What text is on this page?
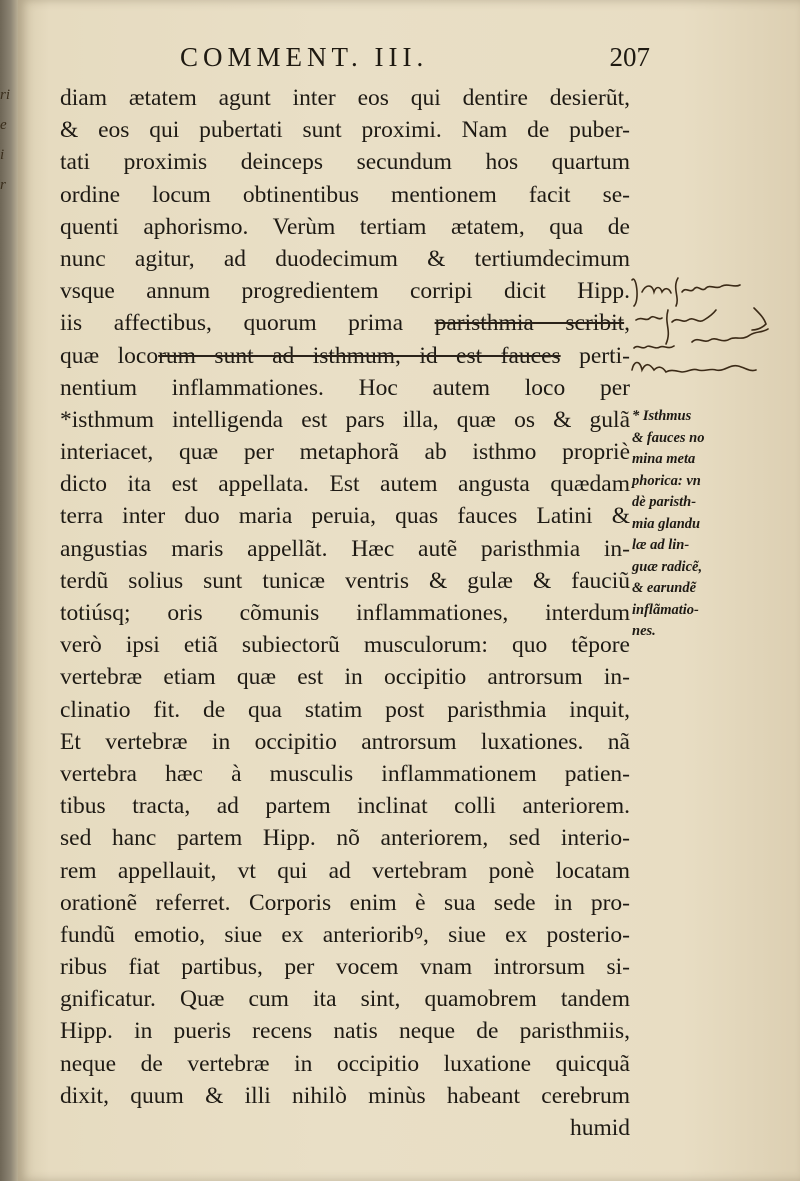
ri
e
i
r
COMMENT. III.	207
diam ætatem agunt inter eos qui dentire desierũt,
& eos qui pubertati sunt proximi. Nam de puber-
tati proximis deinceps secundum hos quartum
ordine locum obtinentibus mentionem facit se-
quenti aphorismo. Verùm tertiam ætatem, qua de
nunc agitur, ad duodecimum & tertiumdecimum
vsque annum progredientem corripi dicit Hipp.
iis affectibus, quorum prima paristhmia scribit,
quæ locorum sunt ad isthmum, id est fauces perti-
nentium inflammationes. Hoc autem loco per
*isthmum intelligenda est pars illa, quæ os & gulã
interiacet, quæ per metaphorã ab isthmo propriè
dicto ita est appellata. Est autem angusta quædam
terra inter duo maria peruia, quas fauces Latini &
angustias maris appellãt. Hæc autẽ paristhmia in-
terdũ solius sunt tunicæ ventris & gulæ & fauciũ
totiúsq; oris cõmunis inflammationes, interdum
verò ipsi etiã subiectorũ musculorum: quo tẽpore
vertebræ etiam quæ est in occipitio antrorsum in-
clinatio fit. de qua statim post paristhmia inquit,
Et vertebræ in occipitio antrorsum luxationes. nã
vertebra hæc à musculis inflammationem patien-
tibus tracta, ad partem inclinat colli anteriorem.
sed hanc partem Hipp. nõ anteriorem, sed interio-
rem appellauit, vt qui ad vertebram ponè locatam
orationẽ referret. Corporis enim è sua sede in pro-
fundũ emotio, siue ex anterioribꝰ, siue ex posterio-
ribus fiat partibus, per vocem vnam introrsum si-
gnificatur. Quæ cum ita sint, quamobrem tandem
Hipp. in pueris recens natis neque de paristhmiis,
neque de vertebræ in occipitio luxatione quicquã
dixit, quum & illi nihilò minùs habeant cerebrum
humid
* Isthmus
& fauces no
mina meta
phorica: vn
dè paristh-
mia glandu
læ ad lin-
guæ radicẽ,
& earundẽ
inflãmatio-
nes.
